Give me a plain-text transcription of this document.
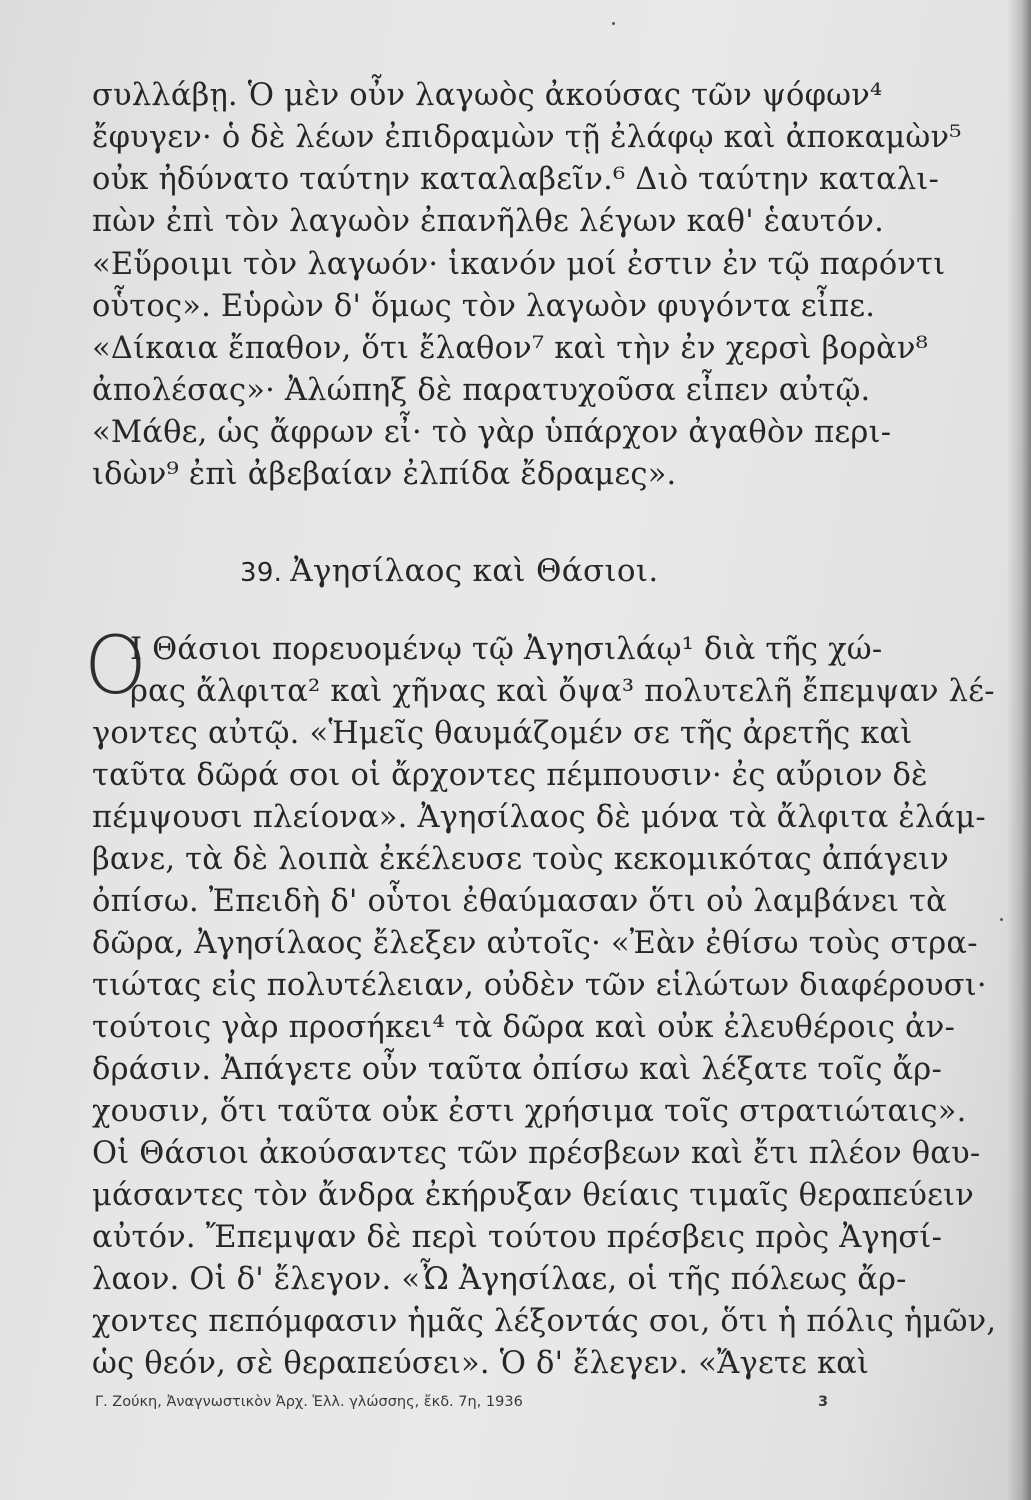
συλλάβῃ. Ὁ μὲν οὖν λαγωὸς ἀκούσας τῶν ψόφων⁴

ἔφυγεν· ὁ δὲ λέων ἐπιδραμὼν τῇ ἐλάφῳ καὶ ἀποκαμὼν⁵

οὐκ ἠδύνατο ταύτην καταλαβεῖν.⁶ Διὸ ταύτην καταλι-

πὼν ἐπὶ τὸν λαγωὸν ἐπανῆλθε λέγων καθ' ἑαυτόν.

«Εὕροιμι τὸν λαγωόν· ἱκανόν μοί ἐστιν ἐν τῷ παρόντι

οὗτος». Εὑρὼν δ' ὅμως τὸν λαγωὸν φυγόντα εἶπε.

«Δίκαια ἔπαθον, ὅτι ἔλαθον⁷ καὶ τὴν ἐν χερσὶ βορὰν⁸

ἀπολέσας»· Ἀλώπηξ δὲ παρατυχοῦσα εἶπεν αὐτῷ.

«Μάθε, ὡς ἄφρων εἶ· τὸ γὰρ ὑπάρχον ἀγαθὸν περι-

ιδὼν⁹ ἐπὶ ἀβεβαίαν ἐλπίδα ἔδραμες».

39. Ἀγησίλαος καὶ Θάσιοι.
Ο

Ι Θάσιοι πορευομένῳ τῷ Ἀγησιλάῳ¹ διὰ τῆς χώ-

ρας ἄλφιτα² καὶ χῆνας καὶ ὄψα³ πολυτελῆ ἔπεμψαν λέ-

γοντες αὐτῷ. «Ἡμεῖς θαυμάζομέν σε τῆς ἀρετῆς καὶ

ταῦτα δῶρά σοι οἱ ἄρχοντες πέμπουσιν· ἐς αὔριον δὲ

πέμψουσι πλείονα». Ἀγησίλαος δὲ μόνα τὰ ἄλφιτα ἐλάμ-

βανε, τὰ δὲ λοιπὰ ἐκέλευσε τοὺς κεκομικότας ἀπάγειν

ὀπίσω. Ἐπειδὴ δ' οὗτοι ἐθαύμασαν ὅτι οὐ λαμβάνει τὰ

δῶρα, Ἀγησίλαος ἔλεξεν αὐτοῖς· «Ἐὰν ἐθίσω τοὺς στρα-

τιώτας εἰς πολυτέλειαν, οὐδὲν τῶν εἱλώτων διαφέρουσι·

τούτοις γὰρ προσήκει⁴ τὰ δῶρα καὶ οὐκ ἐλευθέροις ἀν-

δράσιν. Ἀπάγετε οὖν ταῦτα ὀπίσω καὶ λέξατε τοῖς ἄρ-

χουσιν, ὅτι ταῦτα οὐκ ἐστι χρήσιμα τοῖς στρατιώταις».

Οἱ Θάσιοι ἀκούσαντες τῶν πρέσβεων καὶ ἔτι πλέον θαυ-

μάσαντες τὸν ἄνδρα ἐκήρυξαν θείαις τιμαῖς θεραπεύειν

αὐτόν. Ἔπεμψαν δὲ περὶ τούτου πρέσβεις πρὸς Ἀγησί-

λαον. Οἱ δ' ἔλεγον. «Ὦ Ἀγησίλαε, οἱ τῆς πόλεως ἄρ-

χοντες πεπόμφασιν ἡμᾶς λέξοντάς σοι, ὅτι ἡ πόλις ἡμῶν,

ὡς θεόν, σὲ θεραπεύσει». Ὁ δ' ἔλεγεν. «Ἄγετε καὶ

Γ. Ζούκη, Ἀναγνωστικὸν Ἀρχ. Ἑλλ. γλώσσης, ἔκδ. 7η, 1936	3
